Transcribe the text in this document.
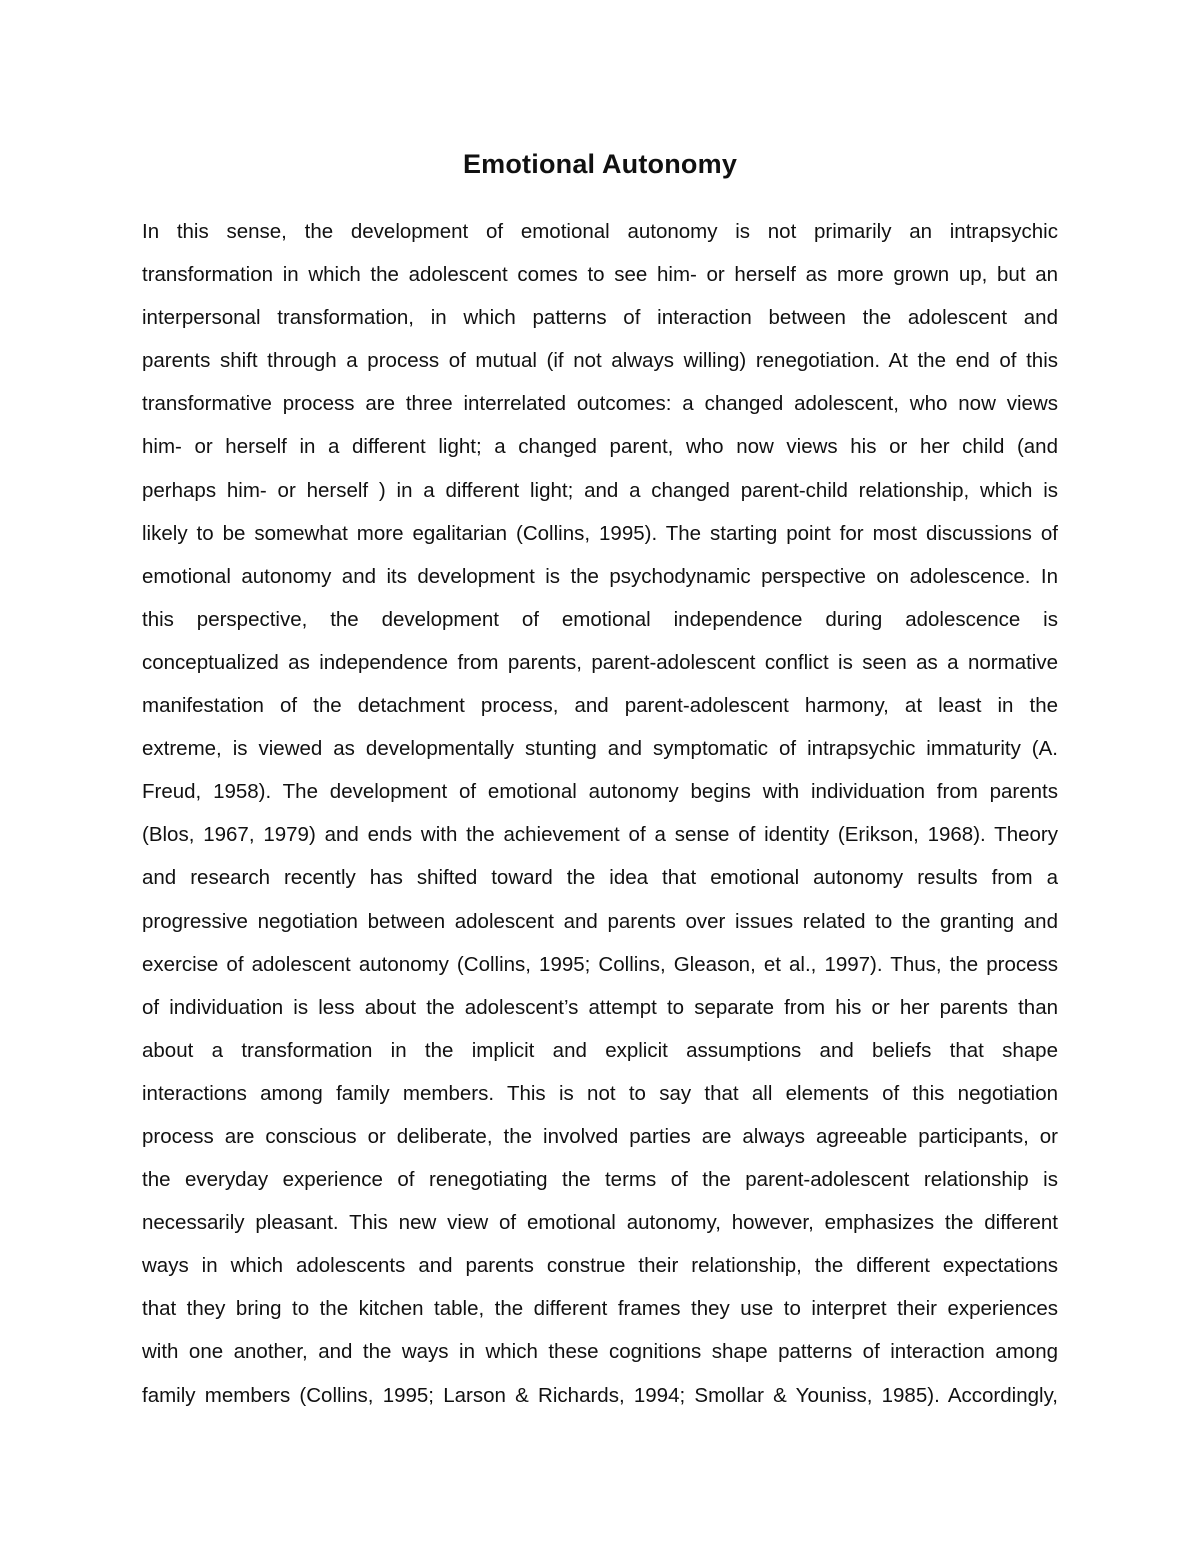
Emotional Autonomy
In this sense, the development of emotional autonomy is not primarily an intrapsychic
transformation in which the adolescent comes to see him- or herself as more grown up, but an
interpersonal transformation, in which patterns of interaction between the adolescent and
parents shift through a process of mutual (if not always willing) renegotiation. At the end of this
transformative process are three interrelated outcomes: a changed adolescent, who now views
him- or herself in a different light; a changed parent, who now views his or her child (and
perhaps him- or herself ) in a different light; and a changed parent-child relationship, which is
likely to be somewhat more egalitarian (Collins, 1995). The starting point for most discussions of
emotional autonomy and its development is the psychodynamic perspective on adolescence. In
this perspective, the development of emotional independence during adolescence is
conceptualized as independence from parents, parent-adolescent conflict is seen as a normative
manifestation of the detachment process, and parent-adolescent harmony, at least in the
extreme, is viewed as developmentally stunting and symptomatic of intrapsychic immaturity (A.
Freud, 1958). The development of emotional autonomy begins with individuation from parents
(Blos, 1967, 1979) and ends with the achievement of a sense of identity (Erikson, 1968). Theory
and research recently has shifted toward the idea that emotional autonomy results from a
progressive negotiation between adolescent and parents over issues related to the granting and
exercise of adolescent autonomy (Collins, 1995; Collins, Gleason, et al., 1997). Thus, the process
of individuation is less about the adolescent’s attempt to separate from his or her parents than
about a transformation in the implicit and explicit assumptions and beliefs that shape
interactions among family members. This is not to say that all elements of this negotiation
process are conscious or deliberate, the involved parties are always agreeable participants, or
the everyday experience of renegotiating the terms of the parent-adolescent relationship is
necessarily pleasant. This new view of emotional autonomy, however, emphasizes the different
ways in which adolescents and parents construe their relationship, the different expectations
that they bring to the kitchen table, the different frames they use to interpret their experiences
with one another, and the ways in which these cognitions shape patterns of interaction among
family members (Collins, 1995; Larson & Richards, 1994; Smollar & Youniss, 1985). Accordingly,
